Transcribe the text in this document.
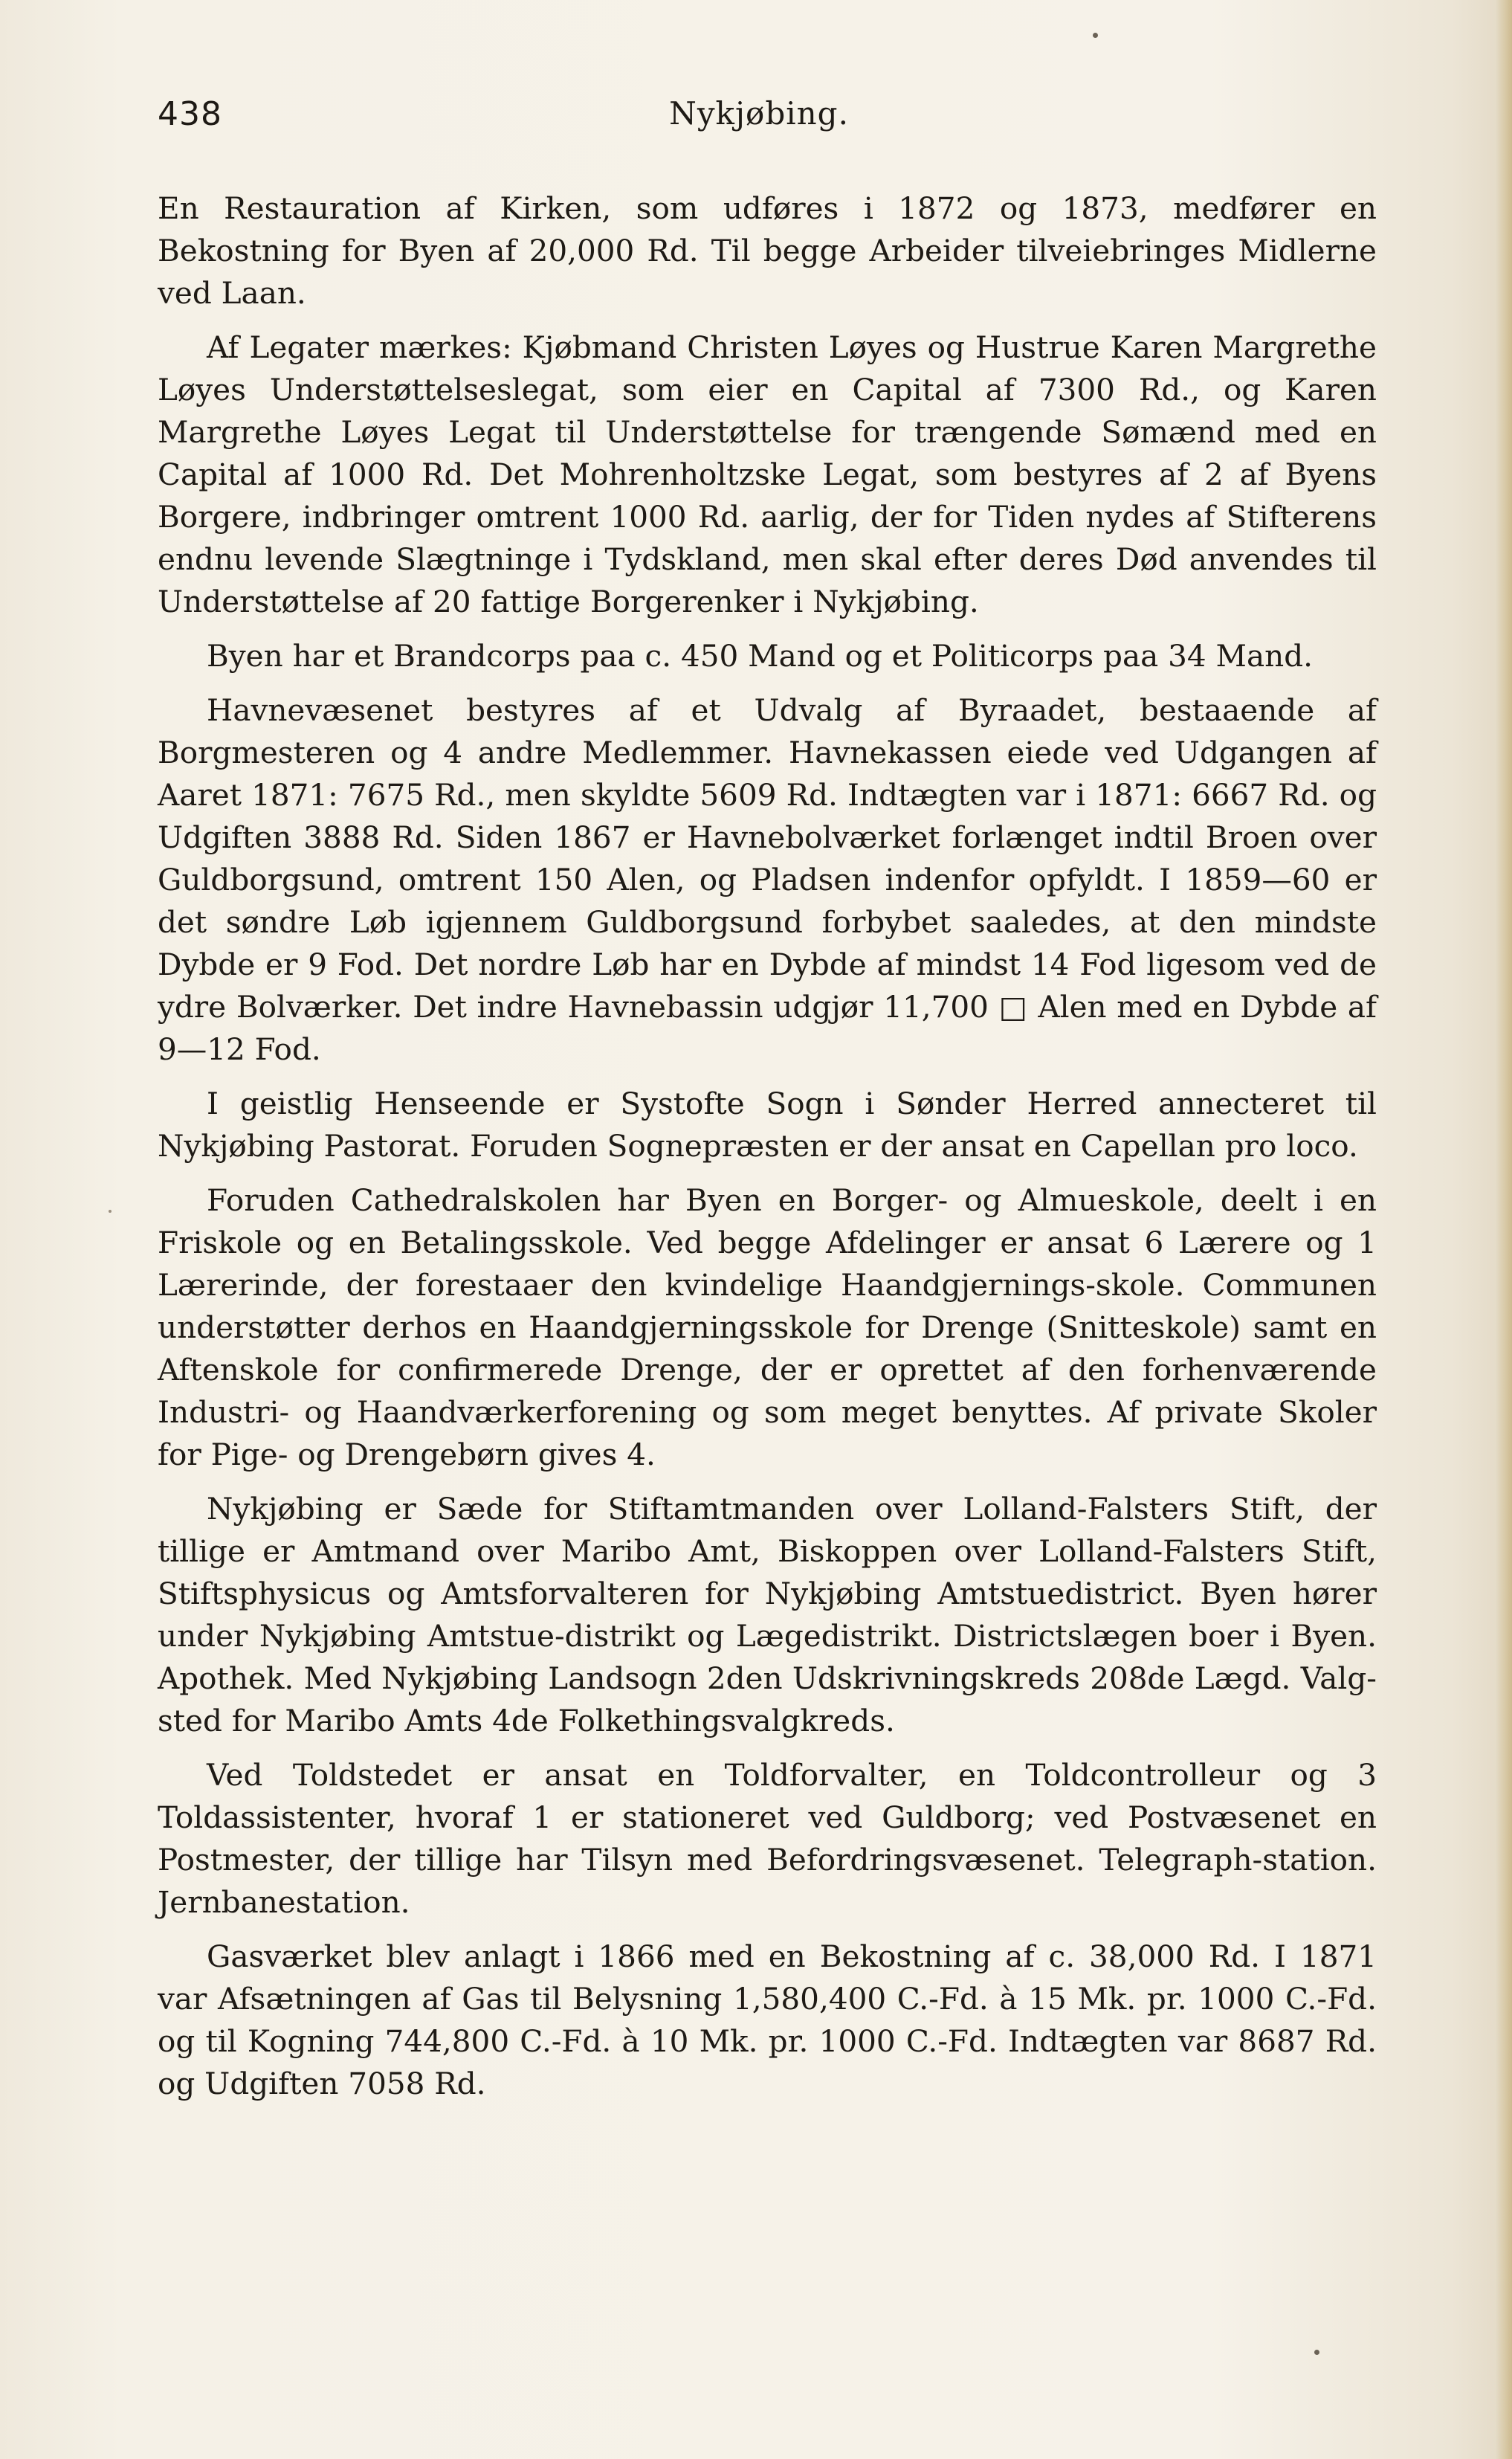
438	Nykjøbing.

En Restauration af Kirken, som udføres i 1872 og 1873, medfører en Bekostning for Byen af 20,000 Rd. Til begge Arbeider tilveiebringes Midlerne ved Laan.

Af Legater mærkes: Kjøbmand Christen Løyes og Hustrue Karen Margrethe Løyes Understøttelseslegat, som eier en Capital af 7300 Rd., og Karen Margrethe Løyes Legat til Understøttelse for trængende Sømænd med en Capital af 1000 Rd. Det Mohrenholtzske Legat, som bestyres af 2 af Byens Borgere, indbringer omtrent 1000 Rd. aarlig, der for Tiden nydes af Stifterens endnu levende Slægtninge i Tydskland, men skal efter deres Død anvendes til Understøttelse af 20 fattige Borgerenker i Nykjøbing.

Byen har et Brandcorps paa c. 450 Mand og et Politicorps paa 34 Mand.

Havnevæsenet bestyres af et Udvalg af Byraadet, bestaaende af Borgmesteren og 4 andre Medlemmer. Havnekassen eiede ved Udgangen af Aaret 1871: 7675 Rd., men skyldte 5609 Rd. Indtægten var i 1871: 6667 Rd. og Udgiften 3888 Rd. Siden 1867 er Havnebolværket forlænget indtil Broen over Guldborgsund, omtrent 150 Alen, og Pladsen indenfor opfyldt. I 1859—60 er det søndre Løb igjennem Guldborgsund forbybet saaledes, at den mindste Dybde er 9 Fod. Det nordre Løb har en Dybde af mindst 14 Fod ligesom ved de ydre Bolværker. Det indre Havnebassin udgjør 11,700 □ Alen med en Dybde af 9—12 Fod.

I geistlig Henseende er Systofte Sogn i Sønder Herred annecteret til Nykjøbing Pastorat. Foruden Sognepræsten er der ansat en Capellan pro loco.

Foruden Cathedralskolen har Byen en Borger- og Almueskole, deelt i en Friskole og en Betalingsskole. Ved begge Afdelinger er ansat 6 Lærere og 1 Lærerinde, der forestaaer den kvindelige Haandgjernings-skole. Communen understøtter derhos en Haandgjerningsskole for Drenge (Snitteskole) samt en Aftenskole for confirmerede Drenge, der er oprettet af den forhenværende Industri- og Haandværkerforening og som meget benyttes. Af private Skoler for Pige- og Drengebørn gives 4.

Nykjøbing er Sæde for Stiftamtmanden over Lolland-Falsters Stift, der tillige er Amtmand over Maribo Amt, Biskoppen over Lolland-Falsters Stift, Stiftsphysicus og Amtsforvalteren for Nykjøbing Amtstuedistrict. Byen hører under Nykjøbing Amtstue-distrikt og Lægedistrikt. Districtslægen boer i Byen. Apothek. Med Nykjøbing Landsogn 2den Udskrivningskreds 208de Lægd. Valg-sted for Maribo Amts 4de Folkethingsvalgkreds.

Ved Toldstedet er ansat en Toldforvalter, en Toldcontrolleur og 3 Toldassistenter, hvoraf 1 er stationeret ved Guldborg; ved Postvæsenet en Postmester, der tillige har Tilsyn med Befordringsvæsenet. Telegraph-station. Jernbanestation.

Gasværket blev anlagt i 1866 med en Bekostning af c. 38,000 Rd. I 1871 var Afsætningen af Gas til Belysning 1,580,400 C.-Fd. à 15 Mk. pr. 1000 C.-Fd. og til Kogning 744,800 C.-Fd. à 10 Mk. pr. 1000 C.-Fd. Indtægten var 8687 Rd. og Udgiften 7058 Rd.
